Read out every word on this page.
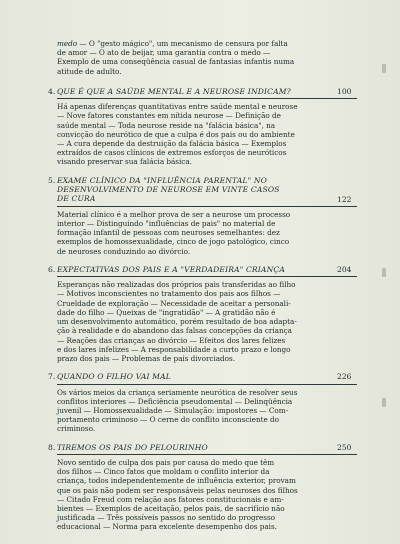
medo — O "gesto mágico", um mecanismo de censura por falta
de amor — O ato de beijar, uma garantia contra o medo —
Exemplo de uma conseqüência casual de fantasias infantis numa
atitude de adulto.

4. QUE É QUE A SAÚDE MENTAL E A NEUROSE INDICAM?	100

Há apenas diferenças quantitativas entre saúde mental e neurose
— Nove fatores constantes em nítida neurose — Definição de
saúde mental — Toda neurose reside na "falácia básica", na
convicção do neurótico de que a culpa é dos pais ou do ambiente
— A cura depende da destruição da falácia básica — Exemplos
extraídos de casos clínicos de extremos esforços de neuróticos
visando preservar sua falácia básica.

5. EXAME CLÍNICO DA "INFLUÊNCIA PARENTAL" NO
DESENVOLVIMENTO DE NEUROSE EM VINTE CASOS
DE CURA	122

Material clínico é a melhor prova de ser a neurose um processo
interior — Distinguindo "influências de pais" no material de
formação infantil de pessoas com neuroses semelhantes: dez
exemplos de homossexualidade, cinco de jogo patológico, cinco
de neuroses conduzindo ao divórcio.

6. EXPECTATIVAS DOS PAIS E A "VERDADEIRA" CRIANÇA	204

Esperanças não realizadas dos próprios pais transferidas ao filho
— Motivos inconscientes no tratamento dos pais aos filhos —
Crueldade de exploração — Necessidade de aceitar a personali-
dade do filho — Queixas de "ingratidão" — A gratidão não é
um desenvolvimento automático, porém resultado de boa adapta-
ção à realidade e do abandono das falsas concepções da criança
— Reações das crianças ao divórcio — Efeitos dos lares felizes
e dos lares infelizes — A responsabilidade a curto prazo e longo
prazo dos pais — Problemas de pais divorciados.

7. QUANDO O FILHO VAI MAL	226

Os vários meios da criança seriamente neurótica de resolver seus
conflitos interiores — Deficiência pseudomental — Delinqüência
juvenil — Homossexualidade — Simulação: impostores — Com-
portamento criminoso — O cerne do conflito inconsciente do
criminoso.

8. TIREMOS OS PAIS DO PELOURINHO	250

Novo sentido de culpa dos pais por causa do medo que têm
dos filhos — Cinco fatos que moldam o conflito interior da
criança, todos independentemente de influência exterior, provam
que os pais não podem ser responsáveis pelas neuroses dos filhos
— Citado Freud com relação aos fatores constitucionais e am-
bientes — Exemplos de aceitação, pelos pais, de sacrifício não
justificada — Três possíveis passos no sentido do progresso
educacional — Norma para excelente desempenho dos pais.
